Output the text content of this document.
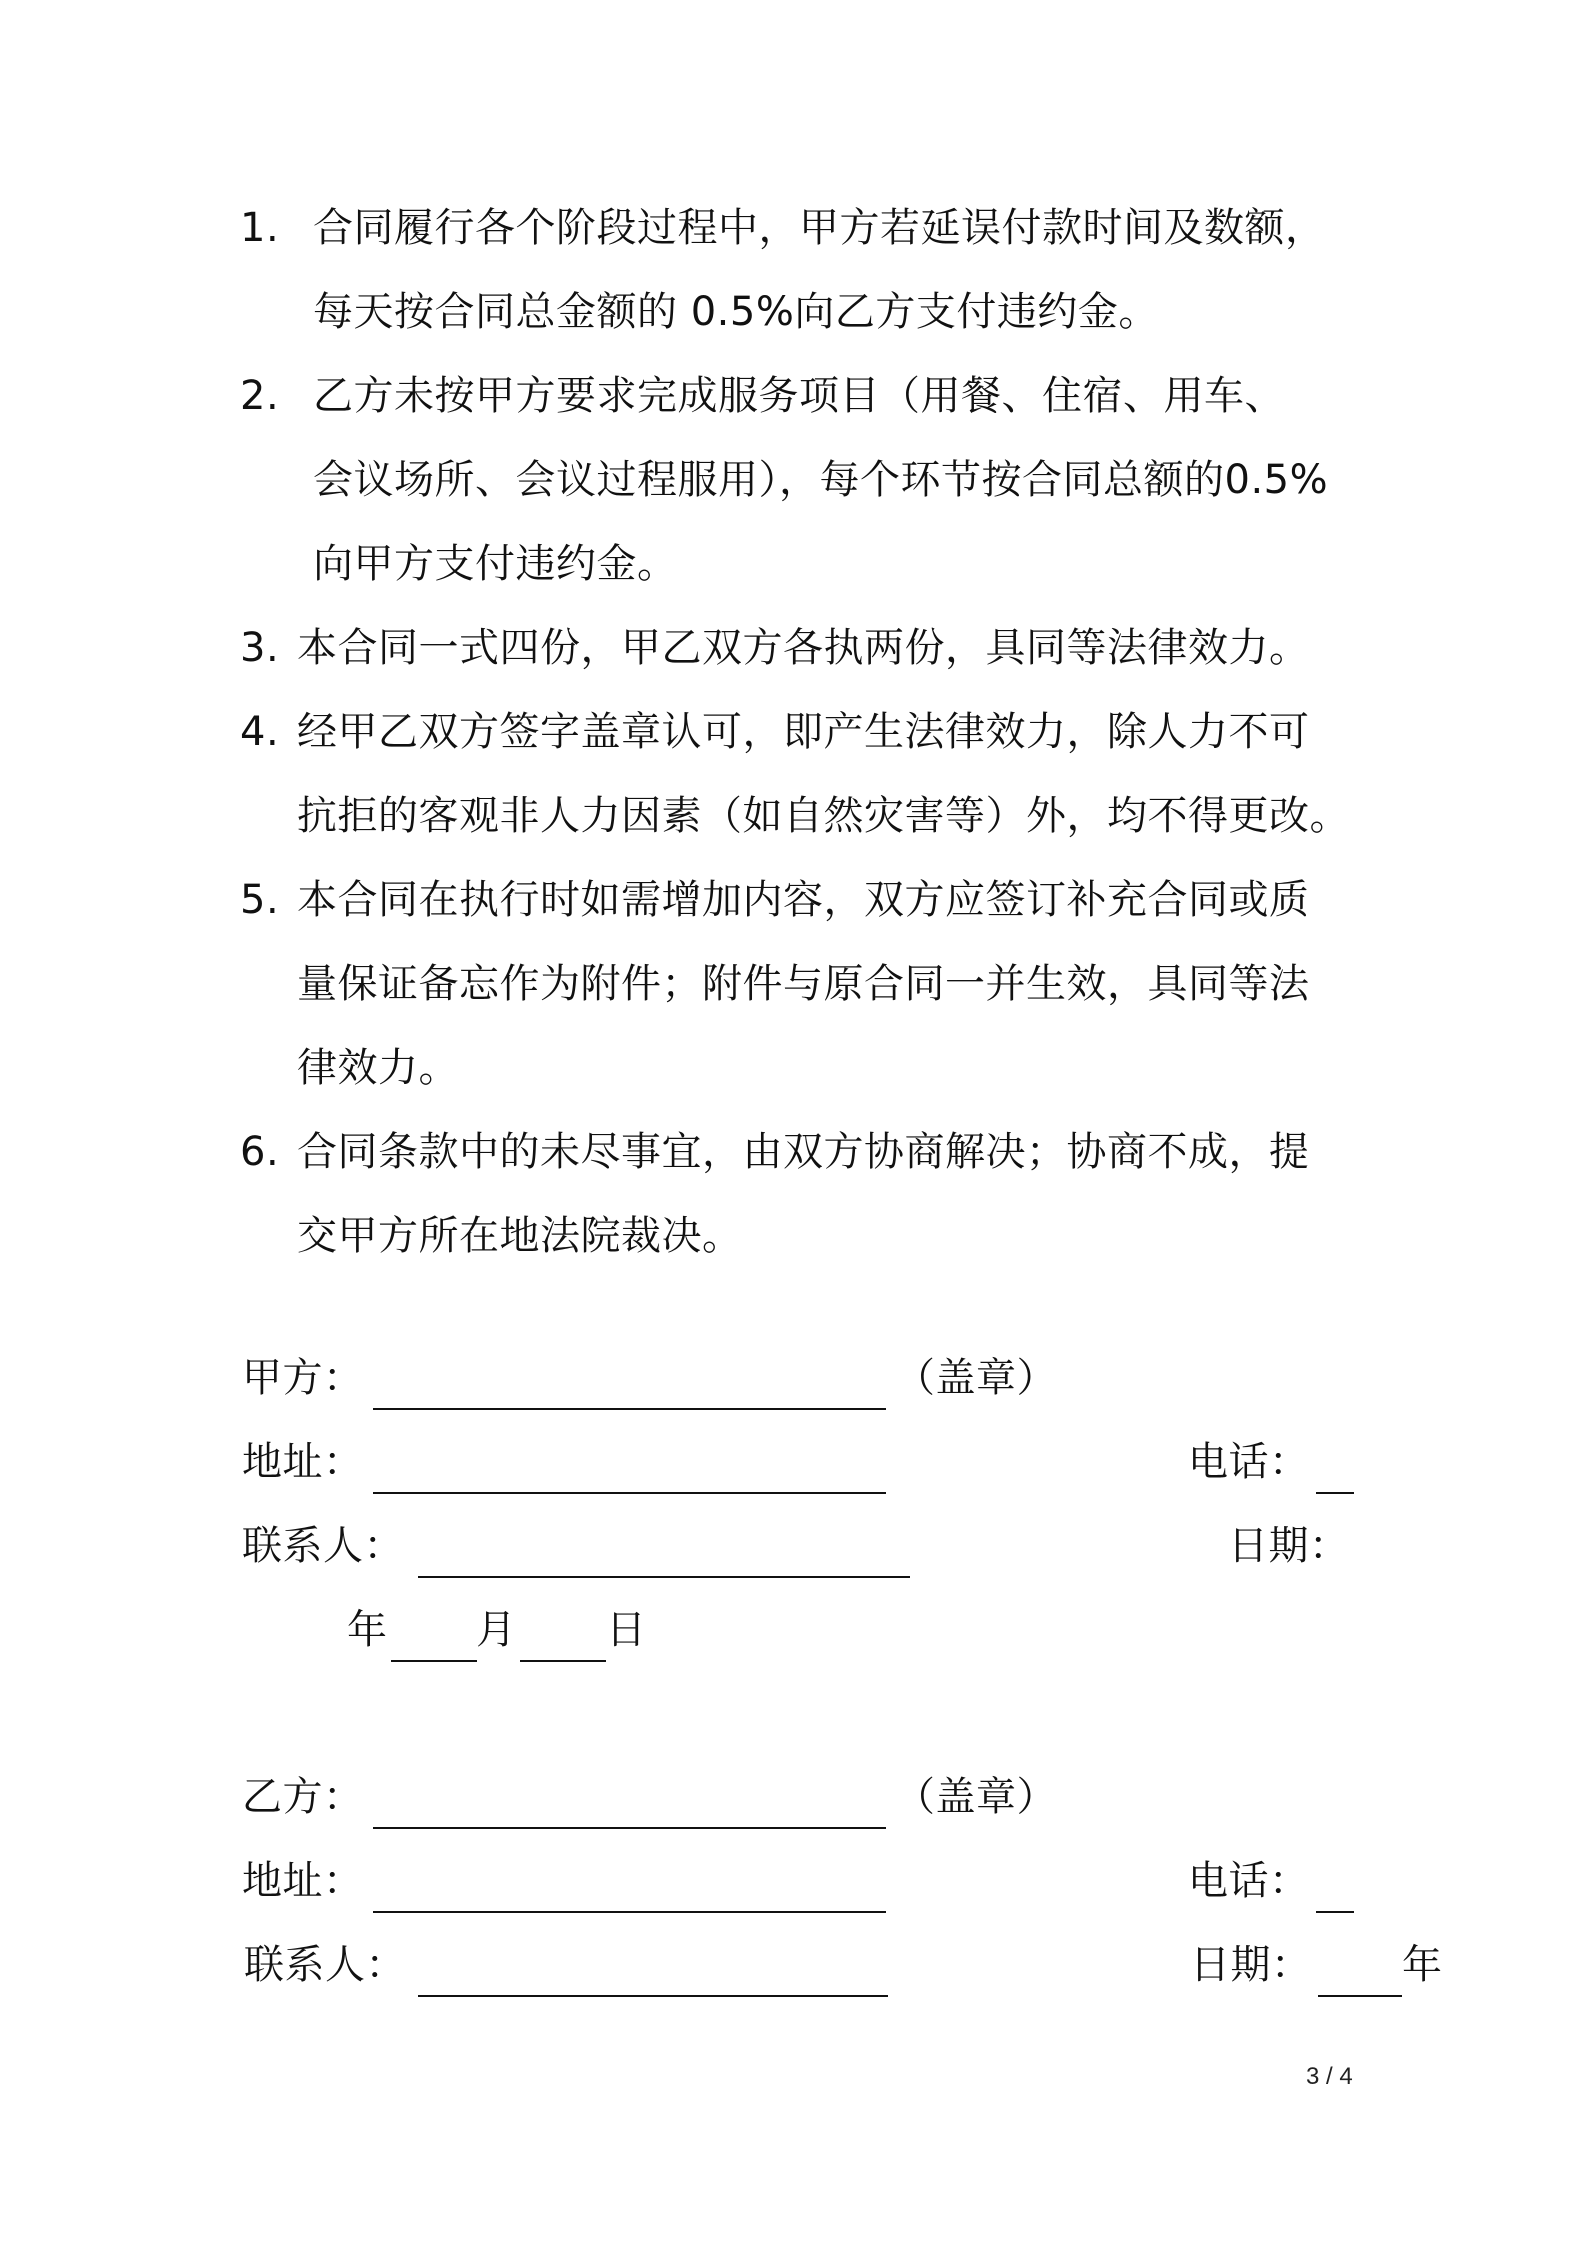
1. 合同履行各个阶段过程中，甲方若延误付款时间及数额，
每天按合同总金额的 0.5%向乙方支付违约金。
2. 乙方未按甲方要求完成服务项目（用餐、住宿、用车、
会议场所、会议过程服用），每个环节按合同总额的0.5%
向甲方支付违约金。
3. 本合同一式四份，甲乙双方各执两份，具同等法律效力。
4. 经甲乙双方签字盖章认可，即产生法律效力，除人力不可
抗拒的客观非人力因素（如自然灾害等）外，均不得更改。
5. 本合同在执行时如需增加内容，双方应签订补充合同或质
量保证备忘作为附件；附件与原合同一并生效，具同等法
律效力。
6. 合同条款中的未尽事宜，由双方协商解决；协商不成，提
交甲方所在地法院裁决。
甲方：	（盖章）
地址：	电话：
联系人：	日期：
年 月 日
乙方：	（盖章）
地址：	电话：
联系人：	日期： 年
3 / 4
